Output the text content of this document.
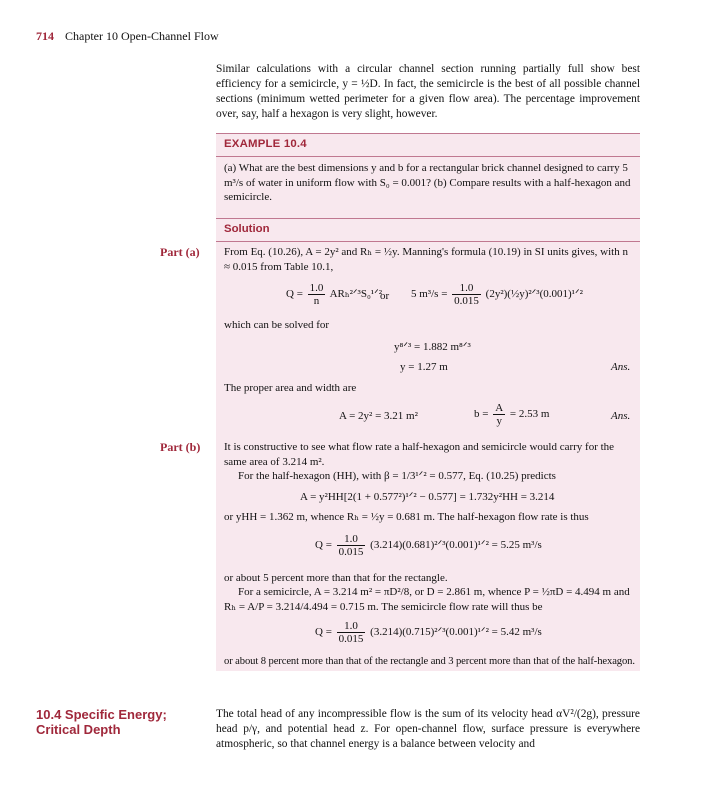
714 Chapter 10 Open-Channel Flow
Similar calculations with a circular channel section running partially full show best efficiency for a semicircle, y = ½D. In fact, the semicircle is the best of all possible channel sections (minimum wetted perimeter for a given flow area). The percentage improvement over, say, half a hexagon is very slight, however.
EXAMPLE 10.4
(a) What are the best dimensions y and b for a rectangular brick channel designed to carry 5 m³/s of water in uniform flow with S₀ = 0.001? (b) Compare results with a half-hexagon and semicircle.
Solution
Part (a) From Eq. (10.26), A = 2y² and Rₕ = ½y. Manning's formula (10.19) in SI units gives, with n ≈ 0.015 from Table 10.1,
$Q = \frac{1.0}{n}$ ARₕ²ᐟ³S₀¹ᐟ²
or 5 $m^3/s = \frac{1.0}{0.015}$ (2y²)(½y)²ᐟ³(0.001)¹ᐟ²
which can be solved for
y⁸ᐟ³ = 1.882 m⁸ᐟ³
y = 1.27 m	Ans.
The proper area and width are
A = 2y² = 3.21 m²	$b = \frac{A}{y} = 2.53$ m	Ans.
Part (b) It is constructive to see what flow rate a half-hexagon and semicircle would carry for the same area of 3.214 m².
For the half-hexagon (HH), with β = 1/3¹ᐟ² = 0.577, Eq. (10.25) predicts
A = y²HH[2(1 + 0.577²)¹ᐟ² − 0.577] = 1.732y²HH = 3.214
or yHH = 1.362 m, whence Rₕ = ½y = 0.681 m. The half-hexagon flow rate is thus
$Q = \frac{1.0}{0.015}$ (3.214)(0.681)²ᐟ³(0.001)¹ᐟ² = 5.25 m³/s
or about 5 percent more than that for the rectangle.
For a semicircle, A = 3.214 m² = πD²/8, or D = 2.861 m, whence P = ½πD = 4.494 m and Rₕ = A/P = 3.214/4.494 = 0.715 m. The semicircle flow rate will thus be
$Q = \frac{1.0}{0.015}$ (3.214)(0.715)²ᐟ³(0.001)¹ᐟ² = 5.42 m³/s
or about 8 percent more than that of the rectangle and 3 percent more than that of the half-hexagon.
10.4 Specific Energy; Critical Depth
The total head of any incompressible flow is the sum of its velocity head αV²/(2g), pressure head p/γ, and potential head z. For open-channel flow, surface pressure is everywhere atmospheric, so that channel energy is a balance between velocity and
